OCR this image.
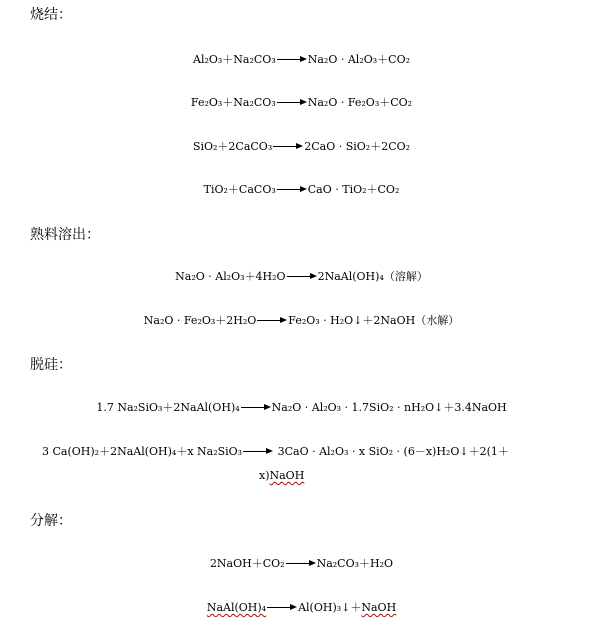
烧结：
Al₂O₃＋Na₂CO₃	Na₂O · Al₂O₃＋CO₂
Fe₂O₃＋Na₂CO₃	Na₂O · Fe₂O₃＋CO₂
SiO₂＋2CaCO₃	2CaO · SiO₂＋2CO₂
TiO₂＋CaCO₃	CaO · TiO₂＋CO₂
熟料溶出：
Na₂O · Al₂O₃＋4H₂O	2NaAl(OH)₄（溶解）
Na₂O · Fe₂O₃＋2H₂O	Fe₂O₃ · H₂O↓＋2NaOH（水解）
脱硅：
1.7 Na₂SiO₃＋2NaAl(OH)₄	Na₂O · Al₂O₃ · 1.7SiO₂ · nH₂O↓＋3.4NaOH
3 Ca(OH)₂＋2NaAl(OH)₄＋x Na₂SiO₃	3CaO · Al₂O₃ · x SiO₂ · (6－x)H₂O↓＋2(1＋
x)NaOH
分解：
2NaOH＋CO₂	Na₂CO₃＋H₂O
NaAl(OH)₄	Al(OH)₃↓＋NaOH
